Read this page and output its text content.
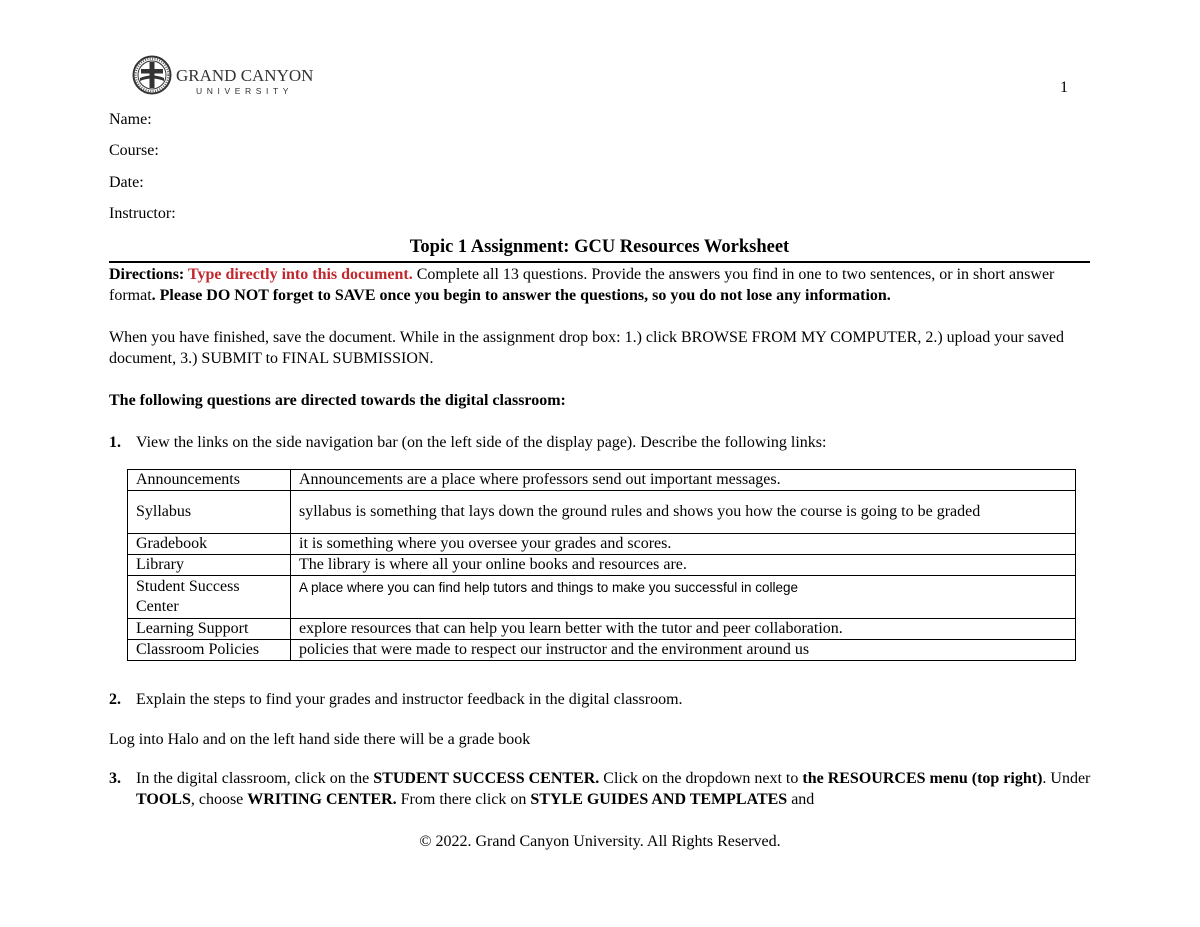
GRAND CANYON
UNIVERSITY	1
Name:
Course:
Date:
Instructor:
Topic 1 Assignment: GCU Resources Worksheet
Directions: Type directly into this document. Complete all 13 questions. Provide the answers you find in one to two sentences, or in short answer format. Please DO NOT forget to SAVE once you begin to answer the questions, so you do not lose any information.
When you have finished, save the document. While in the assignment drop box: 1.) click BROWSE FROM MY COMPUTER, 2.) upload your saved document, 3.) SUBMIT to FINAL SUBMISSION.
The following questions are directed towards the digital classroom:
1. View the links on the side navigation bar (on the left side of the display page). Describe the following links:
Announcements	Announcements are a place where professors send out important messages.
Syllabus	syllabus is something that lays down the ground rules and shows you how the course is going to be graded
Gradebook	it is something where you oversee your grades and scores.
Library	The library is where all your online books and resources are.
Student Success Center	A place where you can find help tutors and things to make you successful in college
Learning Support	explore resources that can help you learn better with the tutor and peer collaboration.
Classroom Policies	policies that were made to respect our instructor and the environment around us
2. Explain the steps to find your grades and instructor feedback in the digital classroom.
Log into Halo and on the left hand side there will be a grade book
3. In the digital classroom, click on the STUDENT SUCCESS CENTER. Click on the dropdown next to the RESOURCES menu (top right). Under TOOLS, choose WRITING CENTER. From there click on STYLE GUIDES AND TEMPLATES and
© 2022. Grand Canyon University. All Rights Reserved.
